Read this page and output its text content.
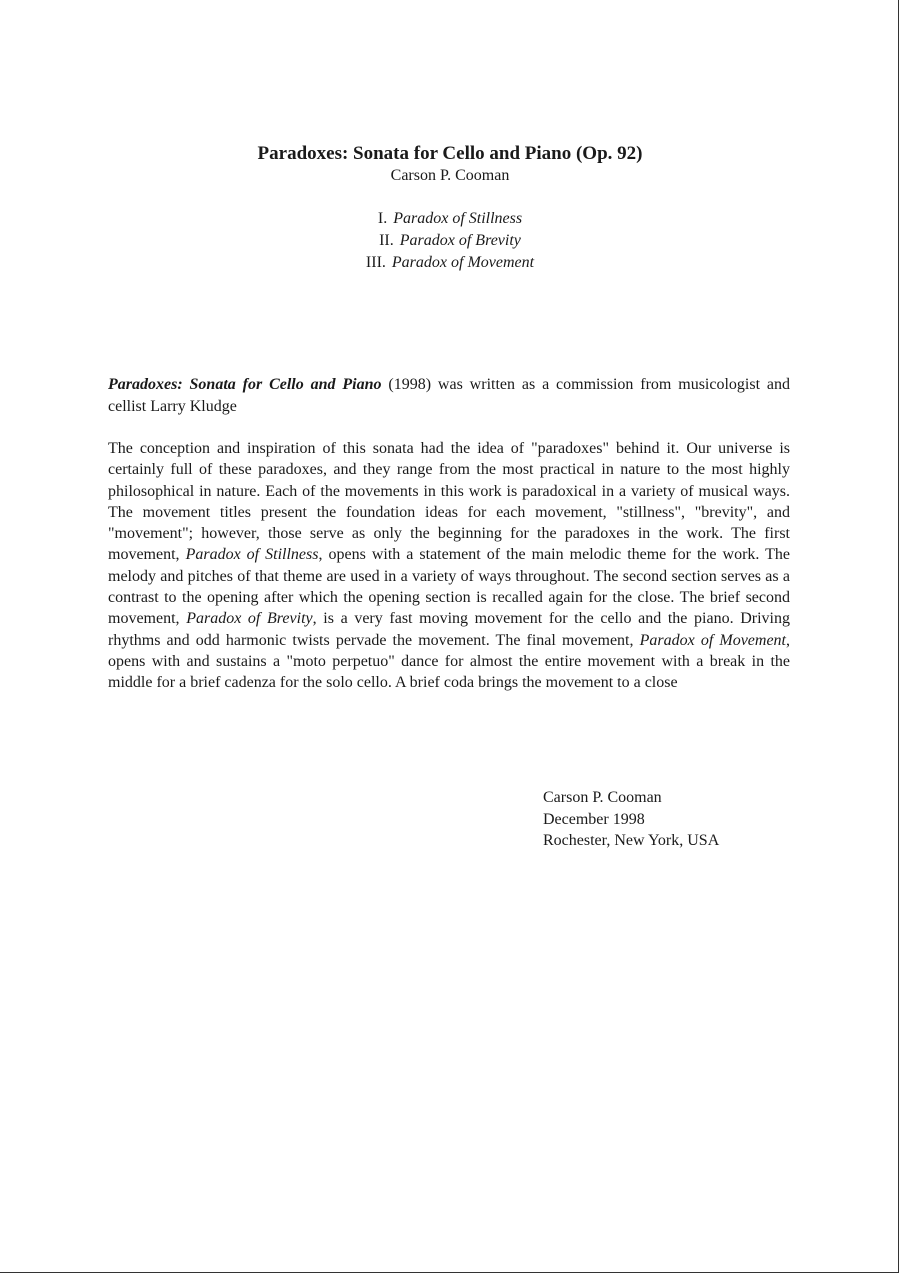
Paradoxes: Sonata for Cello and Piano (Op. 92)
Carson P. Cooman
I. Paradox of Stillness
II. Paradox of Brevity
III. Paradox of Movement

Paradoxes: Sonata for Cello and Piano (1998) was written as a commission from musicologist and cellist Larry Kludge

The conception and inspiration of this sonata had the idea of "paradoxes" behind it. Our universe is certainly full of these paradoxes, and they range from the most practical in nature to the most highly philosophical in nature. Each of the movements in this work is paradoxical in a variety of musical ways. The movement titles present the foundation ideas for each movement, "stillness", "brevity", and "movement"; however, those serve as only the beginning for the paradoxes in the work. The first movement, Paradox of Stillness, opens with a statement of the main melodic theme for the work. The melody and pitches of that theme are used in a variety of ways throughout. The second section serves as a contrast to the opening after which the opening section is recalled again for the close. The brief second movement, Paradox of Brevity, is a very fast moving movement for the cello and the piano. Driving rhythms and odd harmonic twists pervade the movement. The final movement, Paradox of Movement, opens with and sustains a "moto perpetuo" dance for almost the entire movement with a break in the middle for a brief cadenza for the solo cello. A brief coda brings the movement to a close

Carson P. Cooman
December 1998
Rochester, New York, USA
